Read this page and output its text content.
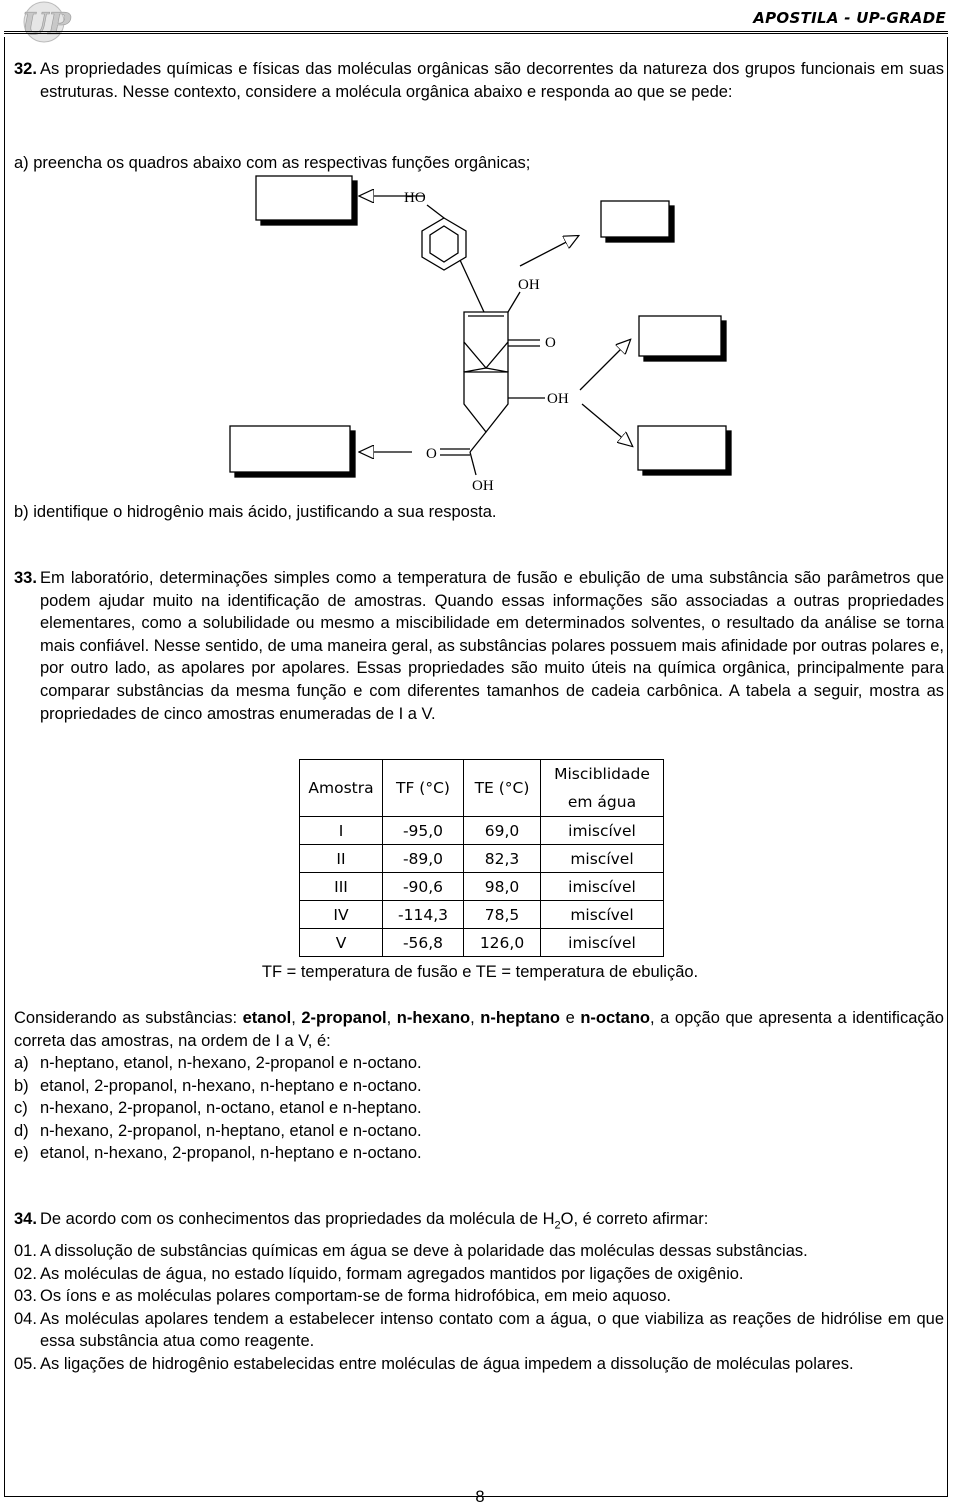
UP	APOSTILA - UP-GRADE
32. As propriedades químicas e físicas das moléculas orgânicas são decorrentes da natureza dos grupos funcionais em suas estruturas. Nesse contexto, considere a molécula orgânica abaixo e responda ao que se pede:
a) preencha os quadros abaixo com as respectivas funções orgânicas;
HO
OH
O
OH
O
OH
b) identifique o hidrogênio mais ácido, justificando a sua resposta.
33. Em laboratório, determinações simples como a temperatura de fusão e ebulição de uma substância são parâmetros que podem ajudar muito na identificação de amostras. Quando essas informações são associadas a outras propriedades elementares, como a solubilidade ou mesmo a miscibilidade em determinados solventes, o resultado da análise se torna mais confiável. Nesse sentido, de uma maneira geral, as substâncias polares possuem mais afinidade por outras polares e, por outro lado, as apolares por apolares. Essas propriedades são muito úteis na química orgânica, principalmente para comparar substâncias da mesma função e com diferentes tamanhos de cadeia carbônica. A tabela a seguir, mostra as propriedades de cinco amostras enumeradas de I a V.
Amostra	TF (°C)	TE (°C)	Misciblidade em água
I	-95,0	69,0	imiscível
II	-89,0	82,3	miscível
III	-90,6	98,0	imiscível
IV	-114,3	78,5	miscível
V	-56,8	126,0	imiscível
TF = temperatura de fusão e TE = temperatura de ebulição.
Considerando as substâncias: etanol, 2-propanol, n-hexano, n-heptano e n-octano, a opção que apresenta a identificação correta das amostras, na ordem de I a V, é:
a) n-heptano, etanol, n-hexano, 2-propanol e n-octano.
b) etanol, 2-propanol, n-hexano, n-heptano e n-octano.
c) n-hexano, 2-propanol, n-octano, etanol e n-heptano.
d) n-hexano, 2-propanol, n-heptano, etanol e n-octano.
e) etanol, n-hexano, 2-propanol, n-heptano e n-octano.
34. De acordo com os conhecimentos das propriedades da molécula de $H_2O$, é correto afirmar:
01. A dissolução de substâncias químicas em água se deve à polaridade das moléculas dessas substâncias.
02. As moléculas de água, no estado líquido, formam agregados mantidos por ligações de oxigênio.
03. Os íons e as moléculas polares comportam-se de forma hidrofóbica, em meio aquoso.
04. As moléculas apolares tendem a estabelecer intenso contato com a água, o que viabiliza as reações de hidrólise em que essa substância atua como reagente.
05. As ligações de hidrogênio estabelecidas entre moléculas de água impedem a dissolução de moléculas polares.
8
